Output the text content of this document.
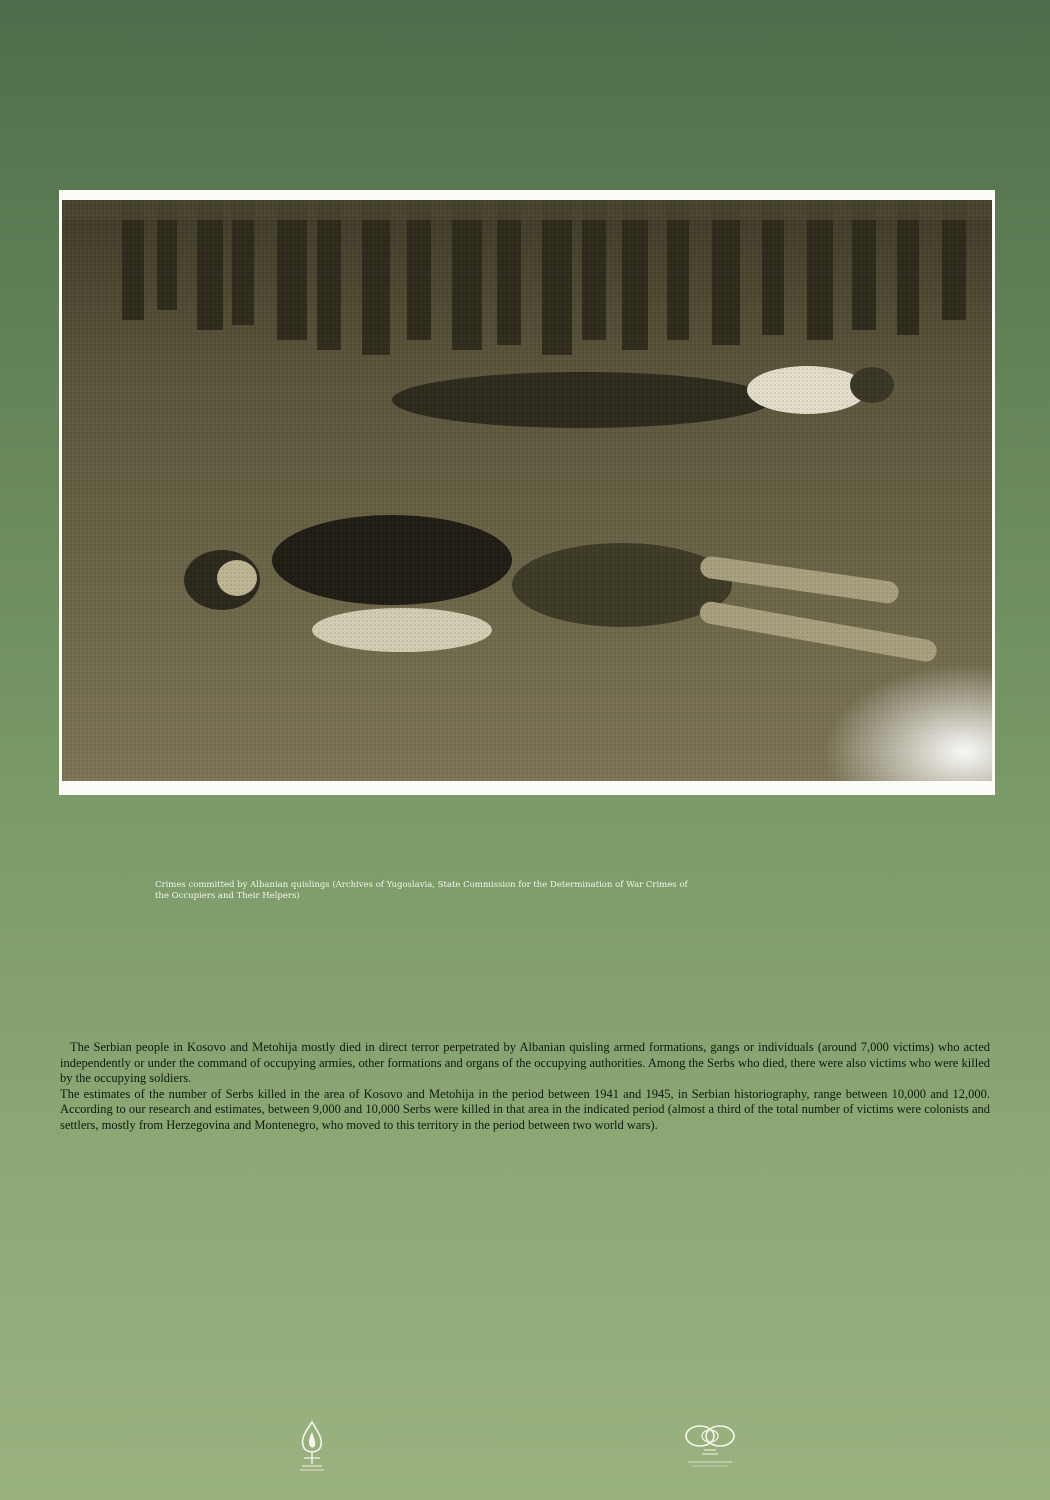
Crimes committed by Albanian quislings (Archives of Yugoslavia, State Commission for the Determination of War Crimes of
the Occupiers and Their Helpers)

The Serbian people in Kosovo and Metohija mostly died in direct terror perpetrated by Albanian quisling armed formations, gangs or individuals (around 7,000 victims) who acted independently or under the command of occupying armies, other formations and organs of the occupying authorities. Among the Serbs who died, there were also victims who were killed by the occupying soldiers.

The estimates of the number of Serbs killed in the area of Kosovo and Metohija in the period between 1941 and 1945, in Serbian historiography, range between 10,000 and 12,000. According to our research and estimates, between 9,000 and 10,000 Serbs were killed in that area in the indicated period (almost a third of the total number of victims were colonists and settlers, mostly from Herzegovina and Montenegro, who moved to this territory in the period between two world wars).
